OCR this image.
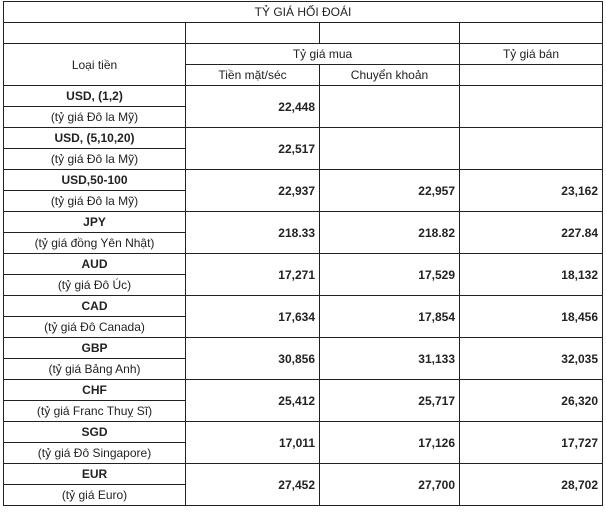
TỶ GIÁ HỐI ĐOÁI			

Loại tiền	Tỷ giá mua		Tỷ giá bán
	Tiền mặt/séc	Chuyển khoản	
USD, (1,2)	22,448		
(tỷ giá Đô la Mỹ)			
USD, (5,10,20)	22,517		
(tỷ giá Đô la Mỹ)			
USD,50-100	22,937	22,957	23,162
(tỷ giá Đô la Mỹ)			
JPY	218.33	218.82	227.84
(tỷ giá đồng Yên Nhật)			
AUD	17,271	17,529	18,132
(tỷ giá Đô Úc)			
CAD	17,634	17,854	18,456
(tỷ giá Đô Canada)			
GBP	30,856	31,133	32,035
(tỷ giá Bảng Anh)			
CHF	25,412	25,717	26,320
(tỷ giá Franc Thuỵ Sĩ)			
SGD	17,011	17,126	17,727
(tỷ giá Đô Singapore)			
EUR	27,452	27,700	28,702
(tỷ giá Euro)			
